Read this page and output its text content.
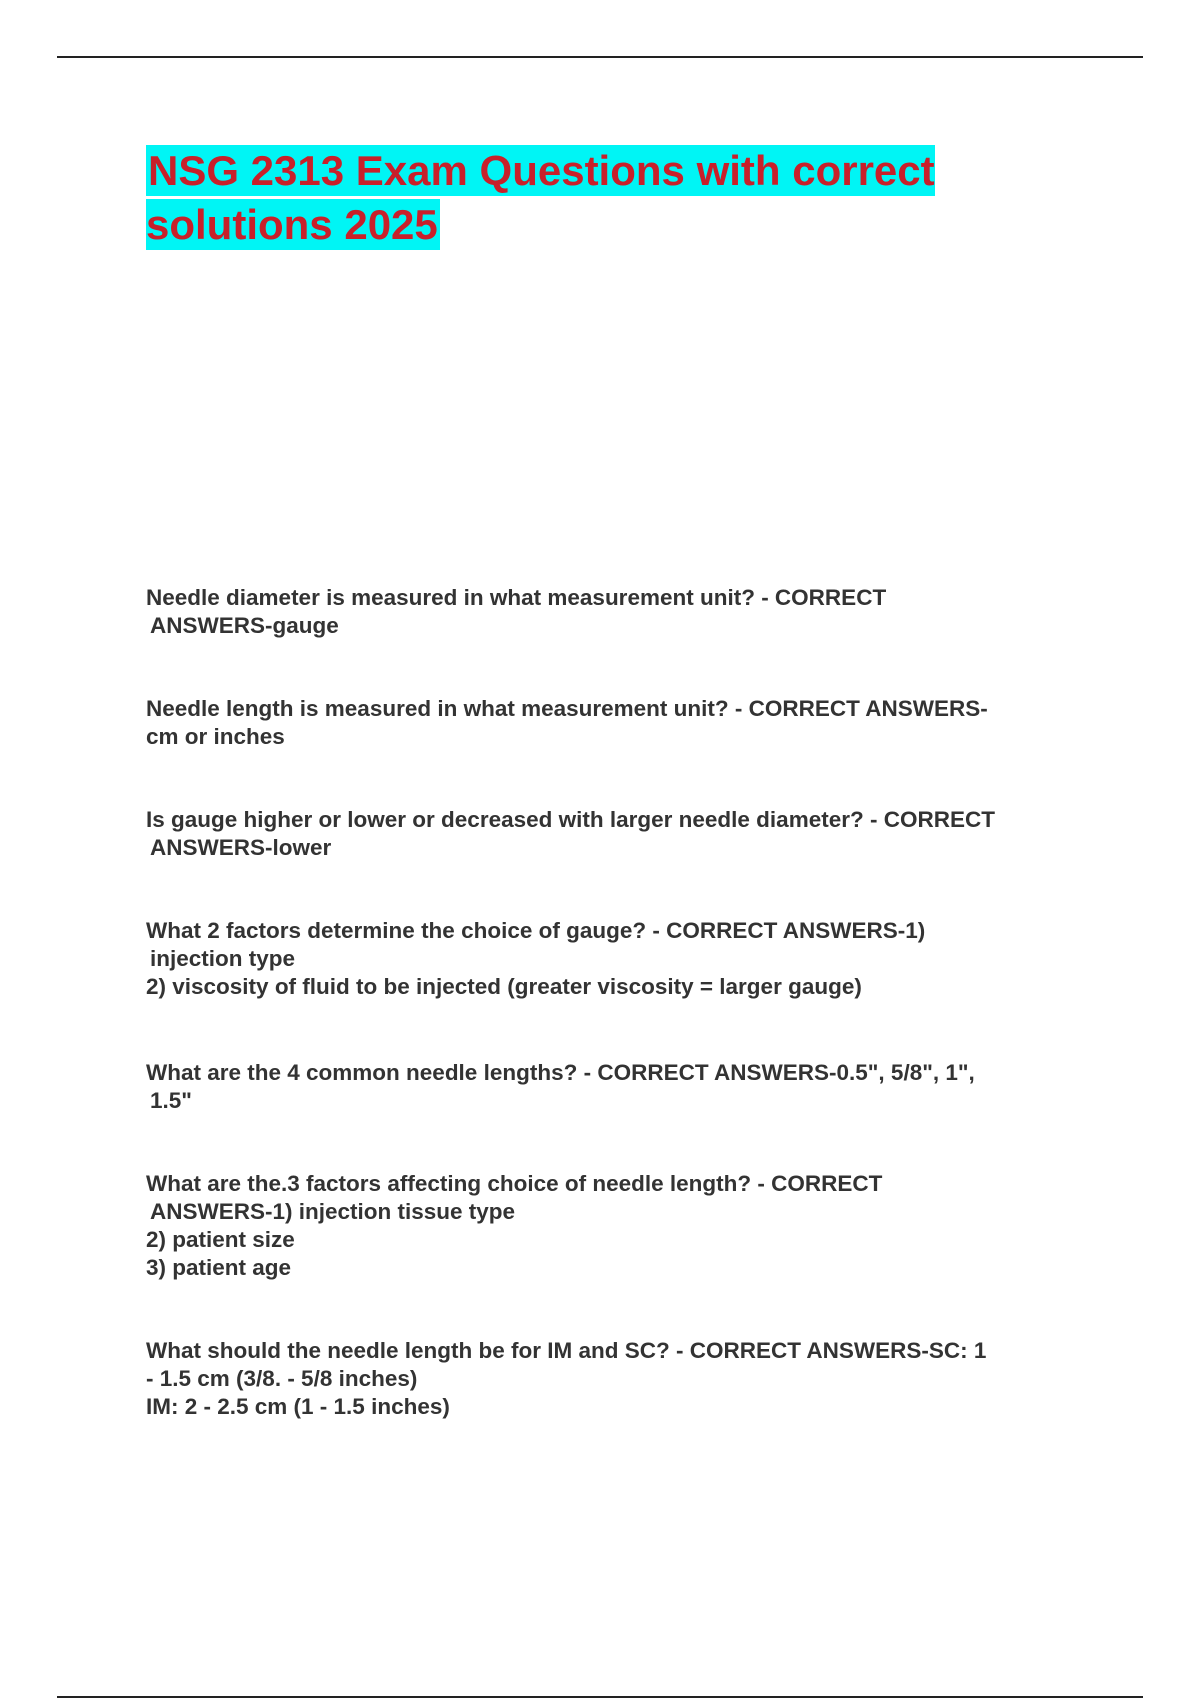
NSG 2313 Exam Questions with correct solutions 2025
Needle diameter is measured in what measurement unit? - CORRECT
ANSWERS-gauge
Needle length is measured in what measurement unit? - CORRECT ANSWERS-
cm or inches
Is gauge higher or lower or decreased with larger needle diameter? - CORRECT
ANSWERS-lower
What 2 factors determine the choice of gauge? - CORRECT ANSWERS-1)
injection type
2) viscosity of fluid to be injected (greater viscosity = larger gauge)
What are the 4 common needle lengths? - CORRECT ANSWERS-0.5", 5/8", 1",
1.5"
What are the.3 factors affecting choice of needle length? - CORRECT
ANSWERS-1) injection tissue type
2) patient size
3) patient age
What should the needle length be for IM and SC? - CORRECT ANSWERS-SC: 1
- 1.5 cm (3/8. - 5/8 inches)
IM: 2 - 2.5 cm (1 - 1.5 inches)
